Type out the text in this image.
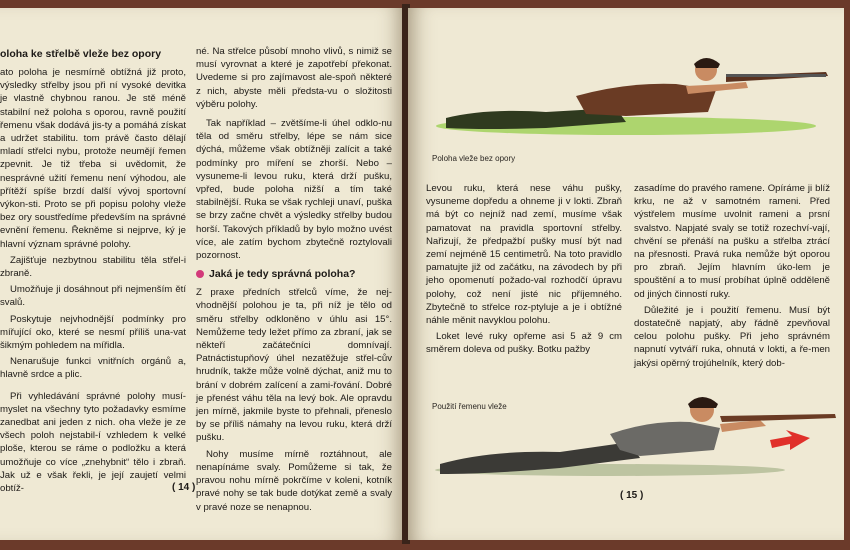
oloha ke střelbě vleže bez opory

ato poloha je nesmírně obtížná již proto, výsledky střelby jsou při ní vysoké devitka je vlastně chybnou ranou. Je stě méně stabilní než poloha s oporou, ravně použití řemenu však dodává jis-ty a pomáhá získat a udržet stabilitu. tom právě často dělají mladí střelci nybu, protože neumějí řemen zpevnit. Je tiž třeba si uvědomit, že nesprávné užití řemenu není výhodou, ale přítěží spíše brzdí další vývoj sportovní výkon-sti. Proto se při popisu polohy vleže bez ory soustředíme především na správné evnění řemenu. Řekněme si nejprve, ký je hlavní význam správné polohy.

Zajišťuje nezbytnou stabilitu těla střel-i zbraně.

Umožňuje ji dosáhnout při nejmenším ětí svalů.

Poskytuje nejvhodnější podmínky pro mířující oko, které se nesmí příliš una-vat šikmým pohledem na mířidla.

Nenarušuje funkci vnitřních orgánů a, hlavně srdce a plic.

Při vyhledávání správné polohy musí-myslet na všechny tyto požadavky esmíme zanedbat ani jeden z nich. oha vleže je ze všech poloh nejstabil-í vzhledem k velké ploše, kterou se ráme o podložku a která umožňuje co více „znehybnit“ tělo i zbraň. Jak už e však řekli, je její zaujetí velmi obtíž-

né. Na střelce působí mnoho vlivů, s nimiž se musí vyrovnat a které je zapotřebí překonat. Uvedeme si pro zajímavost ale-spoň některé z nich, abyste měli předsta-vu o složitosti výběru polohy.

Tak například – zvětšíme-li úhel odklo-nu těla od směru střelby, lépe se nám sice dýchá, můžeme však obtížněji zalícit a také podmínky pro míření se zhorší. Nebo – vysuneme-li levou ruku, která drží pušku, vpřed, bude poloha nižší a tím také stabilnější. Ruka se však rychleji unaví, puška se brzy začne chvět a výsledky střelby budou horší. Takových příkladů by bylo možno uvést více, ale zatím bychom zbytečně roztylovali pozornost.

Jaká je tedy správná poloha?

Z praxe předních střelců víme, že nej-vhodnější polohou je ta, při níž je tělo od směru střelby odkloněno v úhlu asi 15°. Nemůžeme tedy ležet přímo za zbraní, jak se někteří začátečníci domnívají. Patnáctistupňový úhel nezatěžuje střel-cův hrudník, takže může volně dýchat, aniž mu to brání v dobrém zalícení a zami-řování. Dobré je přenést váhu těla na levý bok. Ale opravdu jen mírně, jakmile byste to přehnali, přeneslo by se příliš námahy na levou ruku, která drží pušku.

Nohy musíme mírně roztáhnout, ale nenapínáme svaly. Pomůžeme si tak, že pravou nohu mírně pokrčíme v koleni, kotník pravé nohy se tak bude dotýkat země a svaly v pravé noze se nenapnou.

( 14 )
Poloha vleže bez opory

Levou ruku, která nese váhu pušky, vysuneme dopředu a ohneme ji v lokti. Zbraň má být co nejníž nad zemí, musíme však pamatovat na pravidla sportovní střelby. Nařizují, že předpažbí pušky musí být nad zemí nejméně 15 centimetrů. Na toto pravidlo pamatujte již od začátku, na závodech by při jeho opomenutí požado-val rozhodčí úpravu polohy, což není jisté nic příjemného. Zbytečně to střelce roz-ptyluje a je i obtížné náhle měnit navyklou polohu.

Loket levé ruky opřeme asi 5 až 9 cm směrem doleva od pušky. Botku pažby

zasadíme do pravého ramene. Opíráme ji blíž krku, ne až v samotném rameni. Před výstřelem musíme uvolnit rameni a prsní svalstvo. Napjaté svaly se totiž rozechví-vají, chvění se přenáší na pušku a střelba ztrácí na přesnosti. Pravá ruka nemůže být oporou pro zbraň. Jejím hlavním úko-lem je spouštění a to musí probíhat úplně odděleně od jiných činností ruky.

Důležité je i použití řemenu. Musí být dostatečně napjatý, aby řádně zpevňoval celou polohu pušky. Při jeho správném napnutí vytváří ruka, ohnutá v lokti, a ře-men jakýsi opěrný trojúhelník, který dob-

Použití řemenu vleže
( 15 )
